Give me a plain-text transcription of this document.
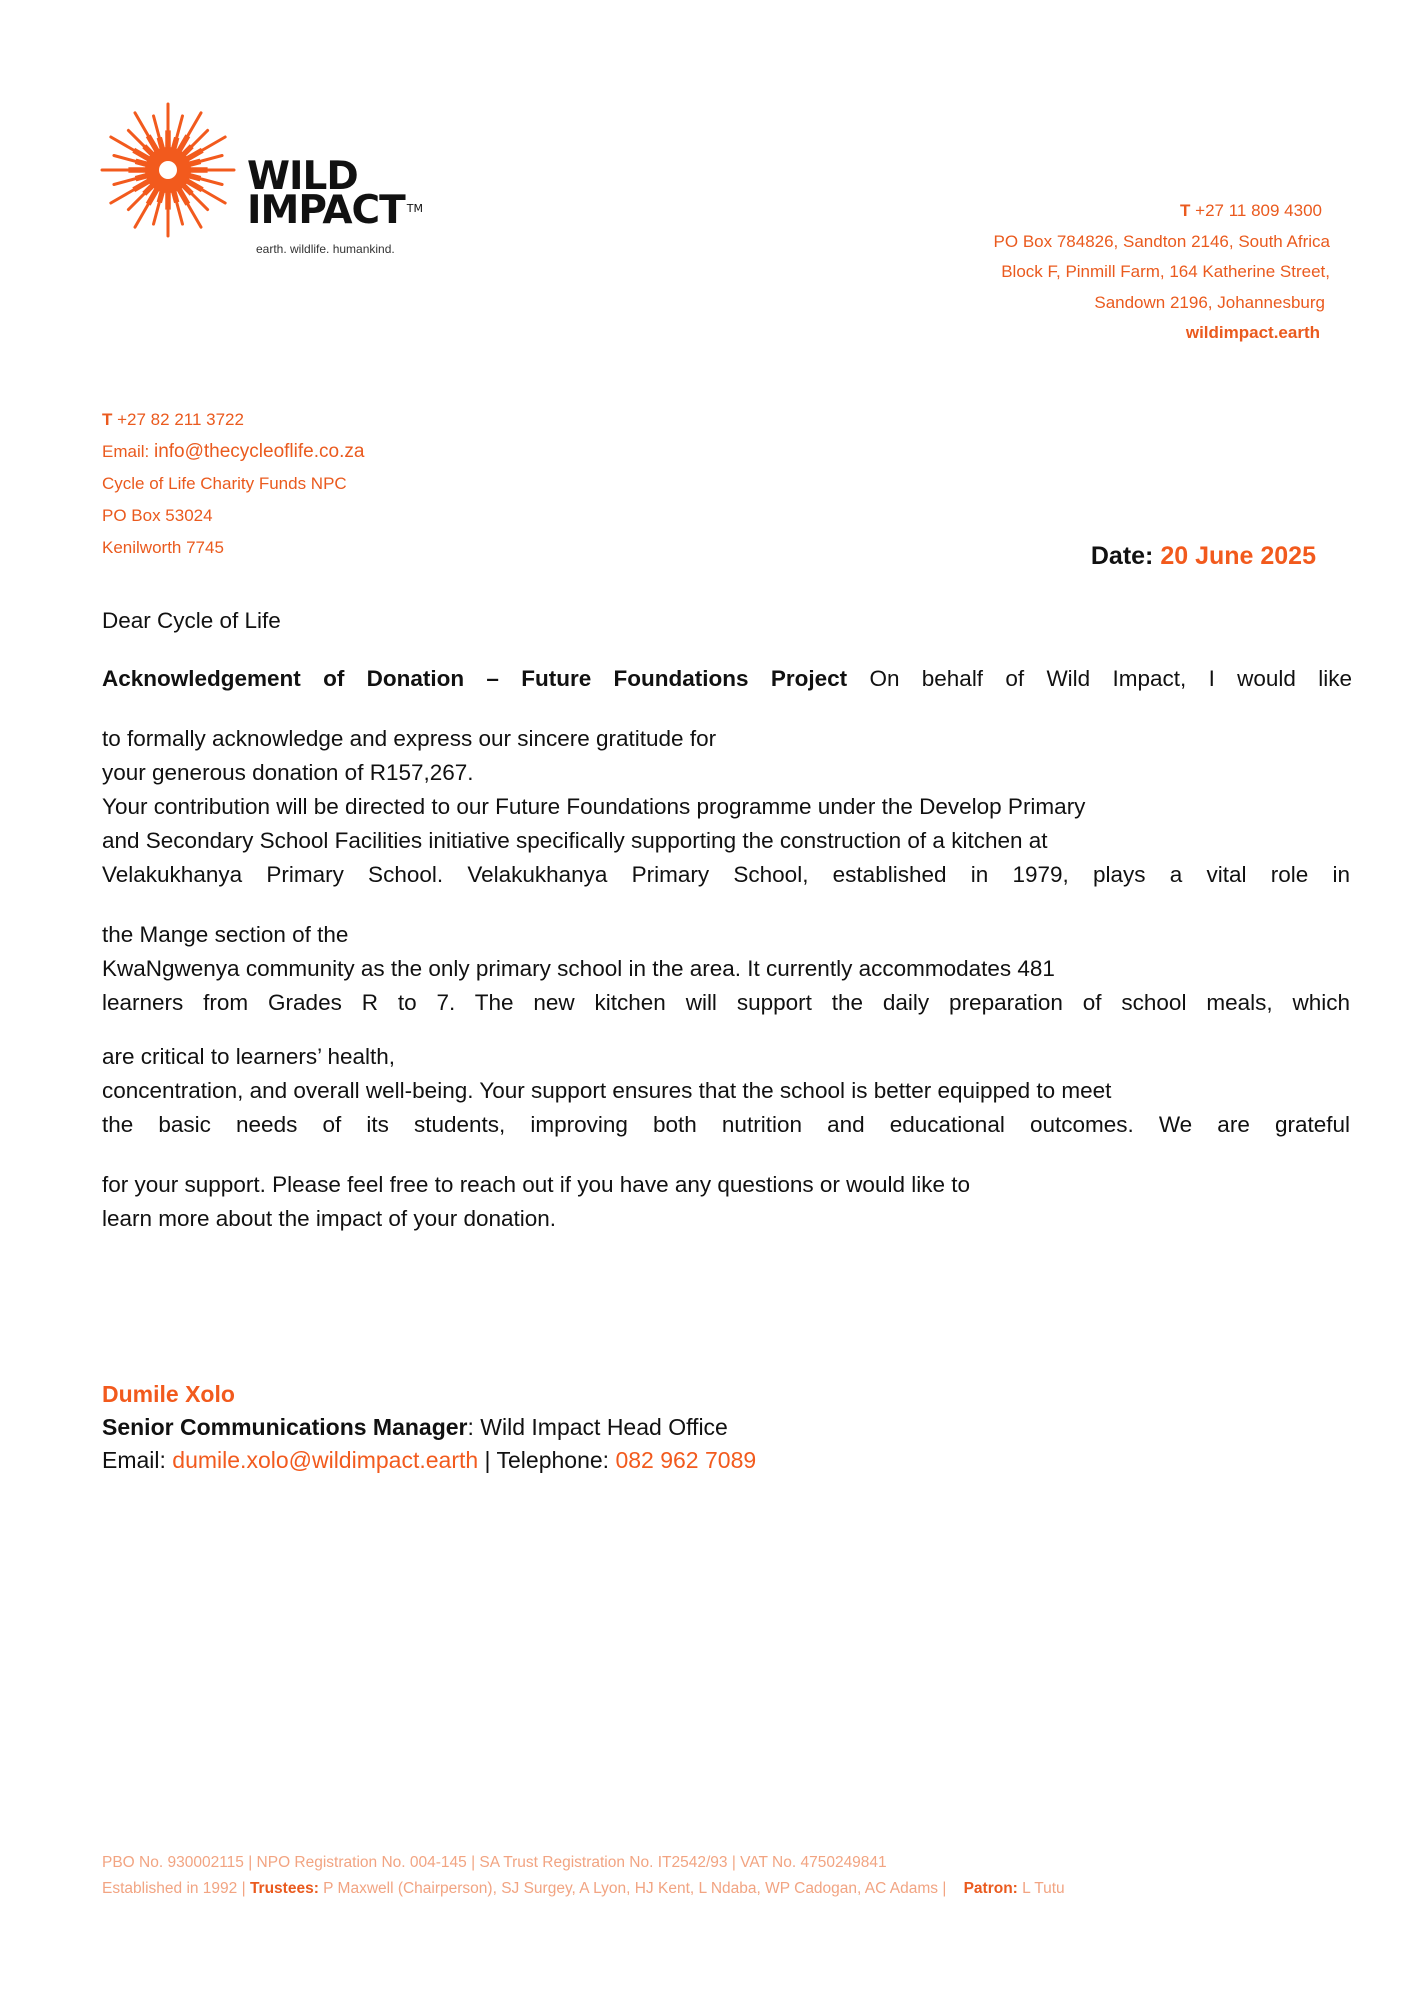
WILD
IMPACT ™
earth. wildlife. humankind.
T +27 11 809 4300
PO Box 784826, Sandton 2146, South Africa
Block F, Pinmill Farm, 164 Katherine Street,
Sandown 2196, Johannesburg
wildimpact.earth
T +27 82 211 3722
Email: info@thecycleoflife.co.za
Cycle of Life Charity Funds NPC
PO Box 53024
Kenilworth 7745	Date: 20 June 2025
Dear Cycle of Life
Acknowledgement of Donation – Future Foundations Project On behalf of Wild Impact, I would like
to formally acknowledge and express our sincere gratitude for
your generous donation of R157,267.
Your contribution will be directed to our Future Foundations programme under the Develop Primary
and Secondary School Facilities initiative specifically supporting the construction of a kitchen at
Velakukhanya Primary School. Velakukhanya Primary School, established in 1979, plays a vital role in
the Mange section of the
KwaNgwenya community as the only primary school in the area. It currently accommodates 481
learners from Grades R to 7. The new kitchen will support the daily preparation of school meals, which
are critical to learners’ health,
concentration, and overall well-being. Your support ensures that the school is better equipped to meet
the basic needs of its students, improving both nutrition and educational outcomes. We are grateful
for your support. Please feel free to reach out if you have any questions or would like to
learn more about the impact of your donation.
Dumile Xolo
Senior Communications Manager: Wild Impact Head Office
Email: dumile.xolo@wildimpact.earth | Telephone: 082 962 7089
PBO No. 930002115 | NPO Registration No. 004-145 | SA Trust Registration No. IT2542/93 | VAT No. 4750249841
Established in 1992 | Trustees: P Maxwell (Chairperson), SJ Surgey, A Lyon, HJ Kent, L Ndaba, WP Cadogan, AC Adams | Patron: L Tutu
